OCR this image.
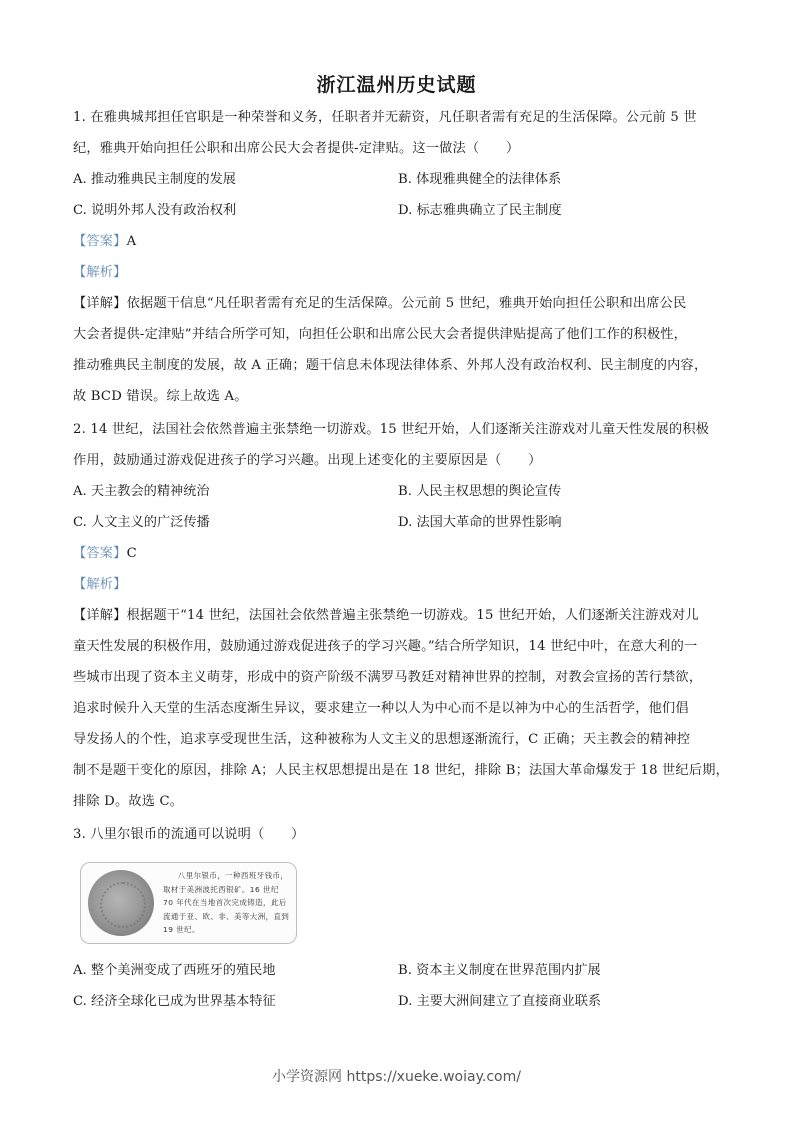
浙江温州历史试题
1. 在雅典城邦担任官职是一种荣誉和义务，任职者并无薪资，凡任职者需有充足的生活保障。公元前 5 世
纪，雅典开始向担任公职和出席公民大会者提供-定津贴。这一做法（　　）
A. 推动雅典民主制度的发展	B. 体现雅典健全的法律体系
C. 说明外邦人没有政治权利	D. 标志雅典确立了民主制度
【答案】A
【解析】
【详解】依据题干信息“凡任职者需有充足的生活保障。公元前 5 世纪，雅典开始向担任公职和出席公民
大会者提供-定津贴”并结合所学可知，向担任公职和出席公民大会者提供津贴提高了他们工作的积极性，
推动雅典民主制度的发展，故 A 正确；题干信息未体现法律体系、外邦人没有政治权利、民主制度的内容，
故 BCD 错误。综上故选 A。
2. 14 世纪，法国社会依然普遍主张禁绝一切游戏。15 世纪开始，人们逐渐关注游戏对儿童天性发展的积极
作用，鼓励通过游戏促进孩子的学习兴趣。出现上述变化的主要原因是（　　）
A. 天主教会的精神统治	B. 人民主权思想的舆论宣传
C. 人文主义的广泛传播	D. 法国大革命的世界性影响
【答案】C
【解析】
【详解】根据题干“14 世纪，法国社会依然普遍主张禁绝一切游戏。15 世纪开始，人们逐渐关注游戏对儿
童天性发展的积极作用，鼓励通过游戏促进孩子的学习兴趣。”结合所学知识，14 世纪中叶，在意大利的一
些城市出现了资本主义萌芽，形成中的资产阶级不满罗马教廷对精神世界的控制，对教会宣扬的苦行禁欲，
追求时候升入天堂的生活态度渐生异议，要求建立一种以人为中心而不是以神为中心的生活哲学，他们倡
导发扬人的个性，追求享受现世生活，这种被称为人文主义的思想逐渐流行，C 正确；天主教会的精神控
制不是题干变化的原因，排除 A；人民主权思想提出是在 18 世纪，排除 B；法国大革命爆发于 18 世纪后期，
排除 D。故选 C。
3. 八里尔银币的流通可以说明（　　）
八里尔银币，一种西班牙钱币，取材于美洲波托西银矿。16 世纪 70 年代在当地首次完成铸造，此后流通于亚、欧、非、美等大洲，直到 19 世纪。
A. 整个美洲变成了西班牙的殖民地	B. 资本主义制度在世界范围内扩展
C. 经济全球化已成为世界基本特征	D. 主要大洲间建立了直接商业联系
小学资源网 https://xueke.woiay.com/
